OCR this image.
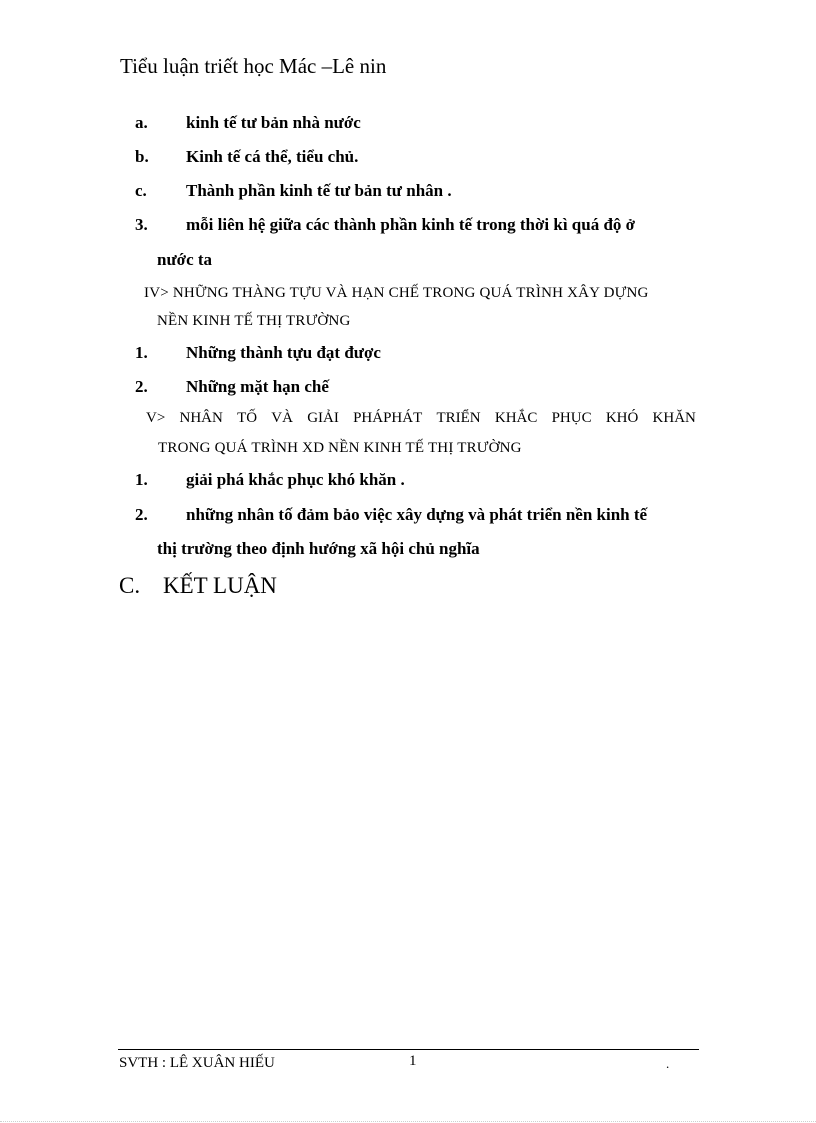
Tiểu luận triết học Mác –Lê nin
a. kinh tế tư bản nhà nước
b. Kinh tế cá thể, tiểu chủ.
c. Thành phần kinh tế tư bản tư nhân .
3. mỗi liên hệ giữa các thành phần kinh tế trong thời kì quá độ ở
nước ta
IV> NHỮNG THÀNG TỰU VÀ HẠN CHẾ TRONG QUÁ TRÌNH XÂY DỰNG
NỀN KINH TẾ THỊ TRƯỜNG
1. Những thành tựu đạt được
2. Những mặt hạn chế
V> NHÂN TỐ VÀ GIẢI PHÁPHÁT TRIỂN KHẮC PHỤC KHÓ KHĂN
TRONG QUÁ TRÌNH XD NỀN KINH TẾ THỊ TRƯỜNG
1. giải phá khắc phục khó khăn .
2. những nhân tố đảm bảo việc xây dựng và phát triển nền kinh tế
thị trường theo định hướng xã hội chủ nghĩa
C. KẾT LUẬN
SVTH : LÊ XUÂN HIẾU	1	.
